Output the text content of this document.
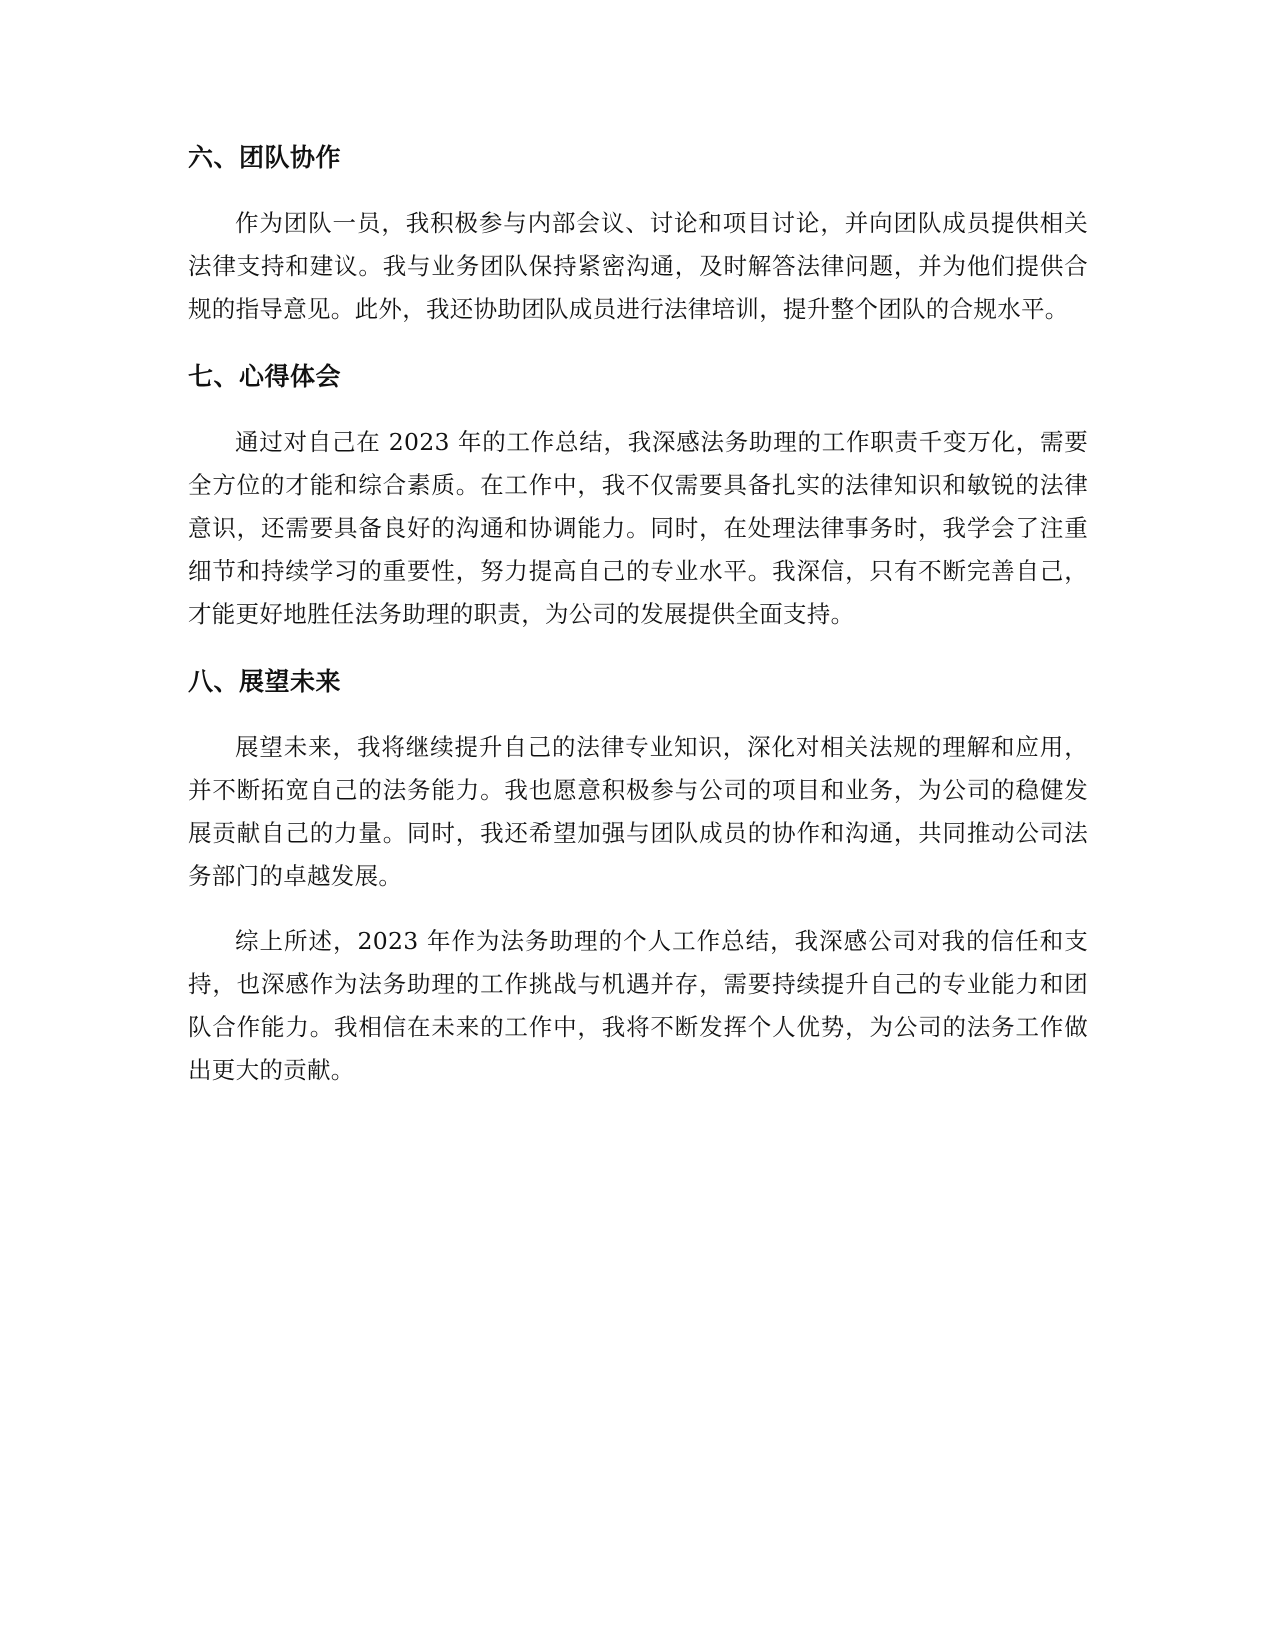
六、团队协作

作为团队一员，我积极参与内部会议、讨论和项目讨论，并向团队成员提供相关法律支持和建议。我与业务团队保持紧密沟通，及时解答法律问题，并为他们提供合规的指导意见。此外，我还协助团队成员进行法律培训，提升整个团队的合规水平。

七、心得体会

通过对自己在 2023 年的工作总结，我深感法务助理的工作职责千变万化，需要全方位的才能和综合素质。在工作中，我不仅需要具备扎实的法律知识和敏锐的法律意识，还需要具备良好的沟通和协调能力。同时，在处理法律事务时，我学会了注重细节和持续学习的重要性，努力提高自己的专业水平。我深信，只有不断完善自己，才能更好地胜任法务助理的职责，为公司的发展提供全面支持。

八、展望未来

展望未来，我将继续提升自己的法律专业知识，深化对相关法规的理解和应用，并不断拓宽自己的法务能力。我也愿意积极参与公司的项目和业务，为公司的稳健发展贡献自己的力量。同时，我还希望加强与团队成员的协作和沟通，共同推动公司法务部门的卓越发展。

综上所述，2023 年作为法务助理的个人工作总结，我深感公司对我的信任和支持，也深感作为法务助理的工作挑战与机遇并存，需要持续提升自己的专业能力和团队合作能力。我相信在未来的工作中，我将不断发挥个人优势，为公司的法务工作做出更大的贡献。
